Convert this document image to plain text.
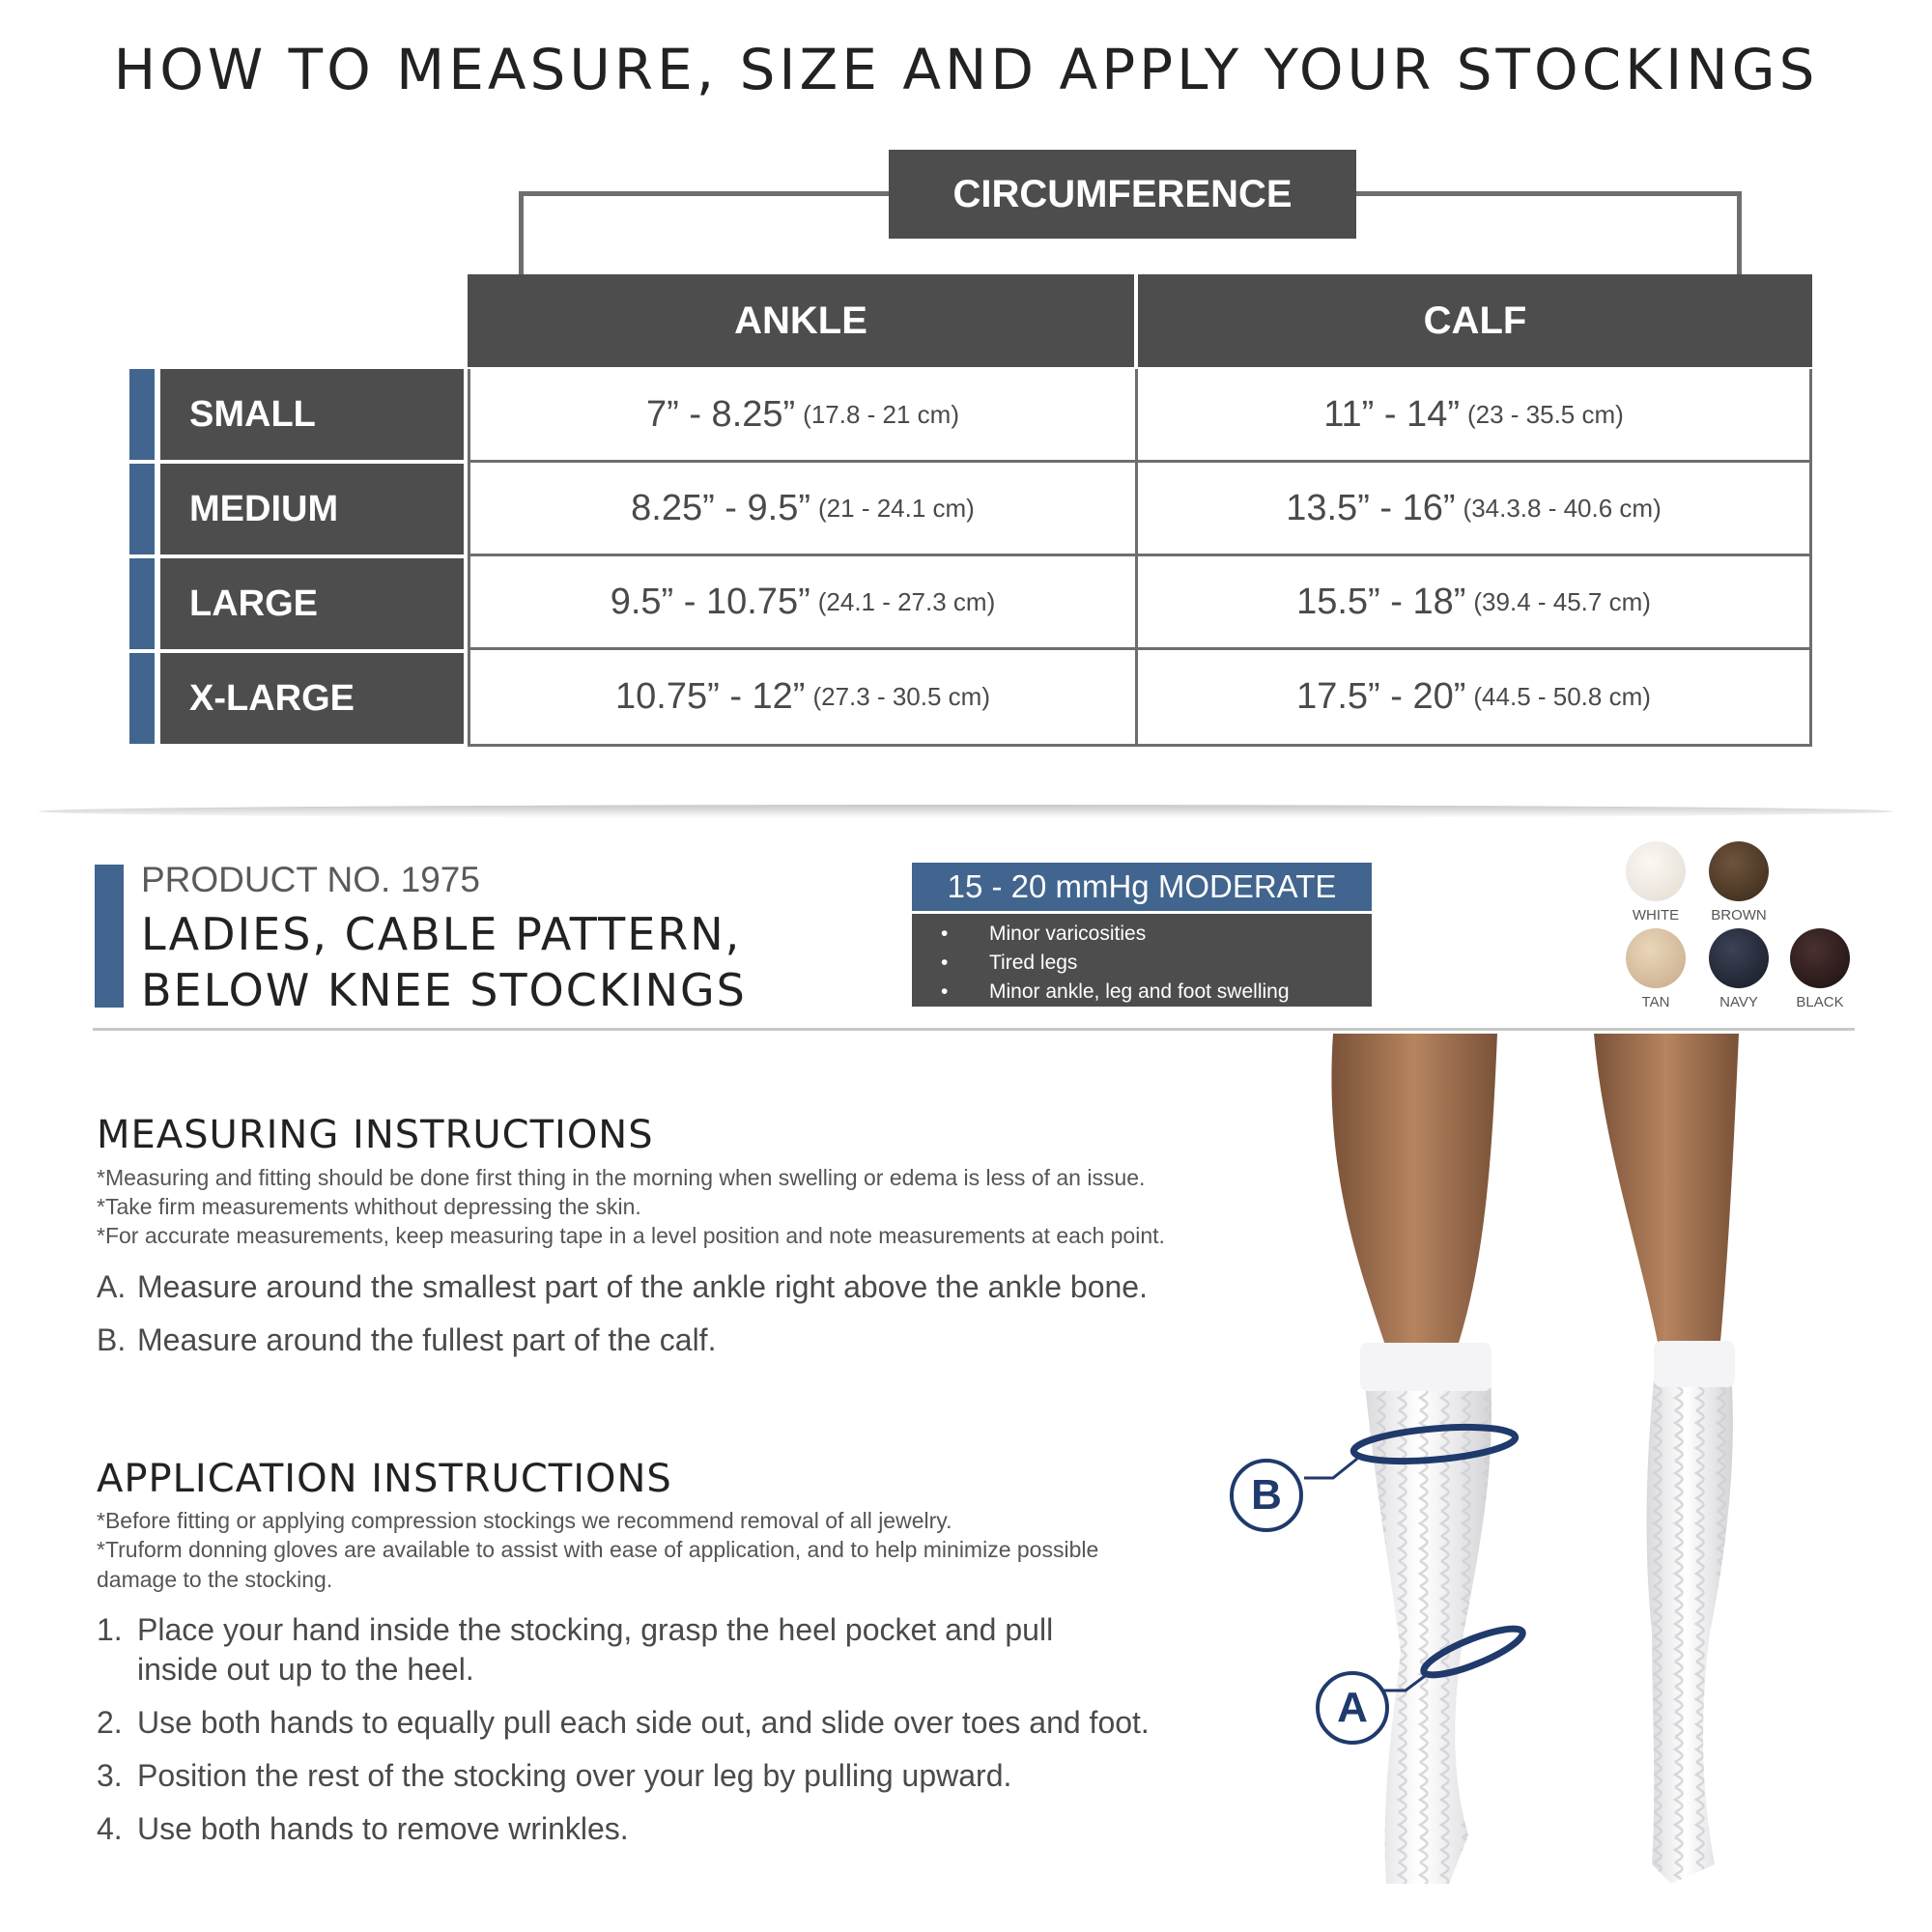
HOW TO MEASURE, SIZE AND APPLY YOUR STOCKINGS
CIRCUMFERENCE
ANKLE	CALF
SMALL	7” - 8.25” (17.8 - 21 cm)	11” - 14” (23 - 35.5 cm)
MEDIUM	8.25” - 9.5” (21 - 24.1 cm)	13.5” - 16” (34.3.8 - 40.6 cm)
LARGE	9.5” - 10.75” (24.1 - 27.3 cm)	15.5” - 18” (39.4 - 45.7 cm)
X-LARGE	10.75” - 12” (27.3 - 30.5 cm)	17.5” - 20” (44.5 - 50.8 cm)
PRODUCT NO. 1975
LADIES, CABLE PATTERN,
BELOW KNEE STOCKINGS
15 - 20 mmHg MODERATE
• Minor varicosities
• Tired legs
• Minor ankle, leg and foot swelling
WHITE	BROWN
TAN	NAVY	BLACK
MEASURING INSTRUCTIONS
*Measuring and fitting should be done first thing in the morning when swelling or edema is less of an issue.
*Take firm measurements whithout depressing the skin.
*For accurate measurements, keep measuring tape in a level position and note measurements at each point.
A. Measure around the smallest part of the ankle right above the ankle bone.
B. Measure around the fullest part of the calf.
APPLICATION INSTRUCTIONS
*Before fitting or applying compression stockings we recommend removal of all jewelry.
*Truform donning gloves are available to assist with ease of application, and to help minimize possible damage to the stocking.
1. Place your hand inside the stocking, grasp the heel pocket and pull inside out up to the heel.
2. Use both hands to equally pull each side out, and slide over toes and foot.
3. Position the rest of the stocking over your leg by pulling upward.
4. Use both hands to remove wrinkles.
B
A
